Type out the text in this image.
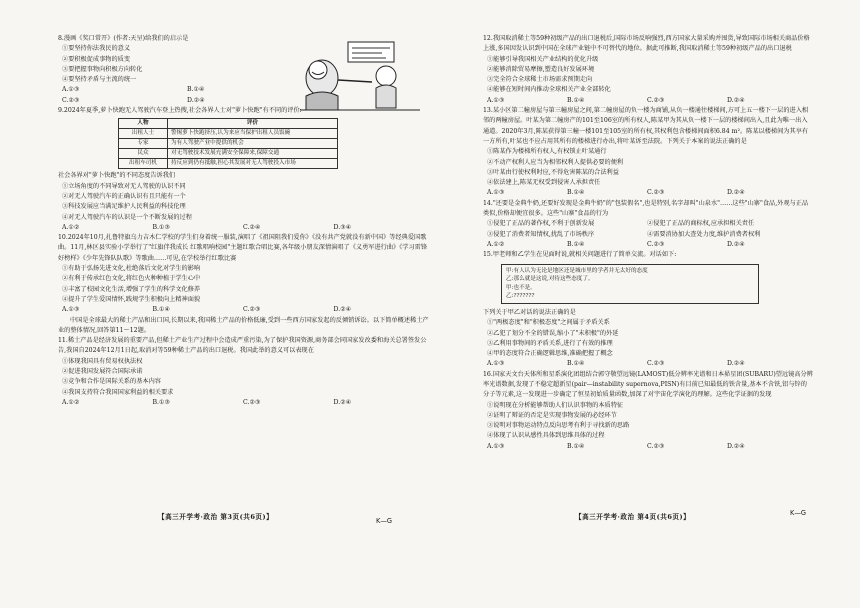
8.漫画《奖口常开》(作者:天呈)给我们的启示是
①要坚持你法我民的意义
②要积极促成事物的质变
③要把握事物向积极方向转化
④要坚持矛盾与主流的统一
A.①③	B.①④
C.②③	D.②④
9.2024年夏季,萝卜快跑无人驾驶汽车登上热搜,社会各界人士对"萝卜快跑"有不同的评价:
人物	评价
出租人士	警惕萝卜快跑挤压,认为来应当保护出租人员饭碗
专家	为有人驾驶产业中提供的机会
民众	对无驾驶技术发展充满安全保障来,保障交通
出租车司机	持反应到仍有抵触,担心其发展对无人驾驶投入市场
社会各界对"萝卜快跑"的不同态度告诉我们
①立场角度的不同导致对无人驾驶的认识不同
②对无人驾驶汽车的正确认识有且只能有一个
③科技发展应当满足维护人民利益的科技伦理
④对无人驾驶汽车的认识是一个不断发展的过程
A.①②	B.①③	C.②④	D.③④
10.2024年10月,扎鲁特旗乌力吉木仁学校的学生们身着统一服装,演唱了《祖国阻我们爱你》《没有共产党就没有新中国》等经典爱国歌曲。11月,林区县实验小学举行了"红旗伴我成长 红歌唱响校园"主题红歌合唱比赛,各年级小朋友深情演唱了《义勇军进行曲》《学习雷锋好榜样》《少年先锋队队歌》等歌曲……可见,在学校举行红歌比赛
①有助于弘扬先进文化,杜绝落后文化对学生的影响
②有利于传承红色文化,将红色火种种植于学生心中
③丰富了校园文化生活,增强了学生的科学文化修养
④提升了学生爱国情怀,践规学生积极向上精神面貌
A.①③	B.①④	C.②③	D.②④
中国是全球最大的稀土产品和出口国,长期以来,我国稀土产品的价格低廉,受到一些西方国家发起的反倾销诉讼。以下简单概述稀土产业的整体情况,回答第11～12题。
11.稀土产品是经济发展的重要产品,但稀土产业生产过程中会造成严重污染,为了保护我国资源,商务部会同国家发改委和海关总署签发公告,我国自2024年12月1日起,取消对等59种稀土产品的出口退税。我国此举的意义可以表现在
①体现我国具有贸易权执法权
②促进我国发展符合国际承诺
③竞争和合作是国际关系的基本内容
④我国支持符合我国国家利益的相关要求
A.①②	B.①③	C.②③	D.②④
12.我国取消稀土等59种初级产品的出口退税后,国际市场反响强烈,西方国家大量采购并囤货,导致国际市场相关商品价格上涨,多国因发认识到中国在全球产业链中不可替代的地位。据此可推断,我国取消稀土等59种初级产品的出口退税
①能够引导我国相关产业结构的优化升级
②能够消除贸易摩擦,塑造良好发展环境
③完全符合全球稀土市场需求预期走向
④能够在短时间内推动全球相关产业全部转化
A.①③	B.①④	C.②③	D.②④
13.某小区第二幢房屋与第三幢房屋之间,第二幢房屋的负一楼为商铺,从负一楼通往楼梯间,方可上五一楼下一层的进入相邻的两幢房屋。叶某为第二幢房产的101至106室的所有权人,陈某甲为其从负一楼下一层的楼梯间出入,且此为唯一出入通道。2020年3月,陈某获得第三幢一楼101至105室的所有权,其权利包含楼梯间面积6.84 m²。陈某以楼梯间为其享有一方所有,叶某也不应占用其所有的楼梯进行办出,将叶某诉至法院。下列关于本案的说法正确的是
①陈某作为楼梯所有权人,有权锁止叶某通行
②不动产权利人应当为相邻权利人提供必要的便利
③叶某由行使权利时应,不得危害陈某的合法利益
④依法建上,陈某无权受到侵害人承担责任
A.①③	B.①④	C.②③	D.②④
14."还要是金典牛奶,还要好发现是金典牛奶"的"包装假名",也是特别,名字却叫"山泉水"……这些"山寨"食品,外观与正品类似,价格却便宜很多。这些"山寨"食品的行为
①侵犯了正品的著作权,不利于创新发展	②侵犯了正品的商标权,应承担相关责任
③侵犯了消费者知情权,扰乱了市场秩序	④需要消协加大查处力度,维护消费者权利
A.①②	B.①④	C.②③	D.②④
15.甲老师和乙学生在见面时说,就相关问题进行了简单交流。对话如下:
甲:有人认为无论是地区还是城市里的学者并无太好的态度
乙:那么就是这说,对待这些态度了。
甲:也不是。
乙:???????
下列关于甲乙对话的说法正确的是
①"两极态度"和"积极态度"之间属于矛盾关系
②乙犯了划分不全的错误,缩小了"未积极"的外延
③乙利用事物间的矛盾关系,进行了有效的推理
④甲的态度符合正确逻辑思维,准确把握了概念
A.①③	B.①④	C.②③	D.②④
16.国家天文台天体所和星系演化团组结合郭守敬望远镜(LAMOST)低分辨率光谱和日本昴星团(SUBARU)望远镜高分辨率光谱数据,发现了不稳定超新星(pair—instability supernova,PISN)有目前已知最低的铁含量,基本不含铁,铝与锌的分子等元素,这一发现进一步确定了恒星初始质量函数,加深了对宇宙化学演化的理解。这些化学证据的发现
①说明现在分析能够帮助人们认识事物的本质特征
②证明了辩证的否定是实现事物发展的必经环节
③说明对事物运动特点反向思考有利于寻找新的思路
④体现了认识从感性具体到思维具体的过程
A.①③	B.①④	C.②③	D.②④
【高三开学考·政治 第3页(共6页)】	K—G	【高三开学考·政治 第4页(共6页)】	K—G
